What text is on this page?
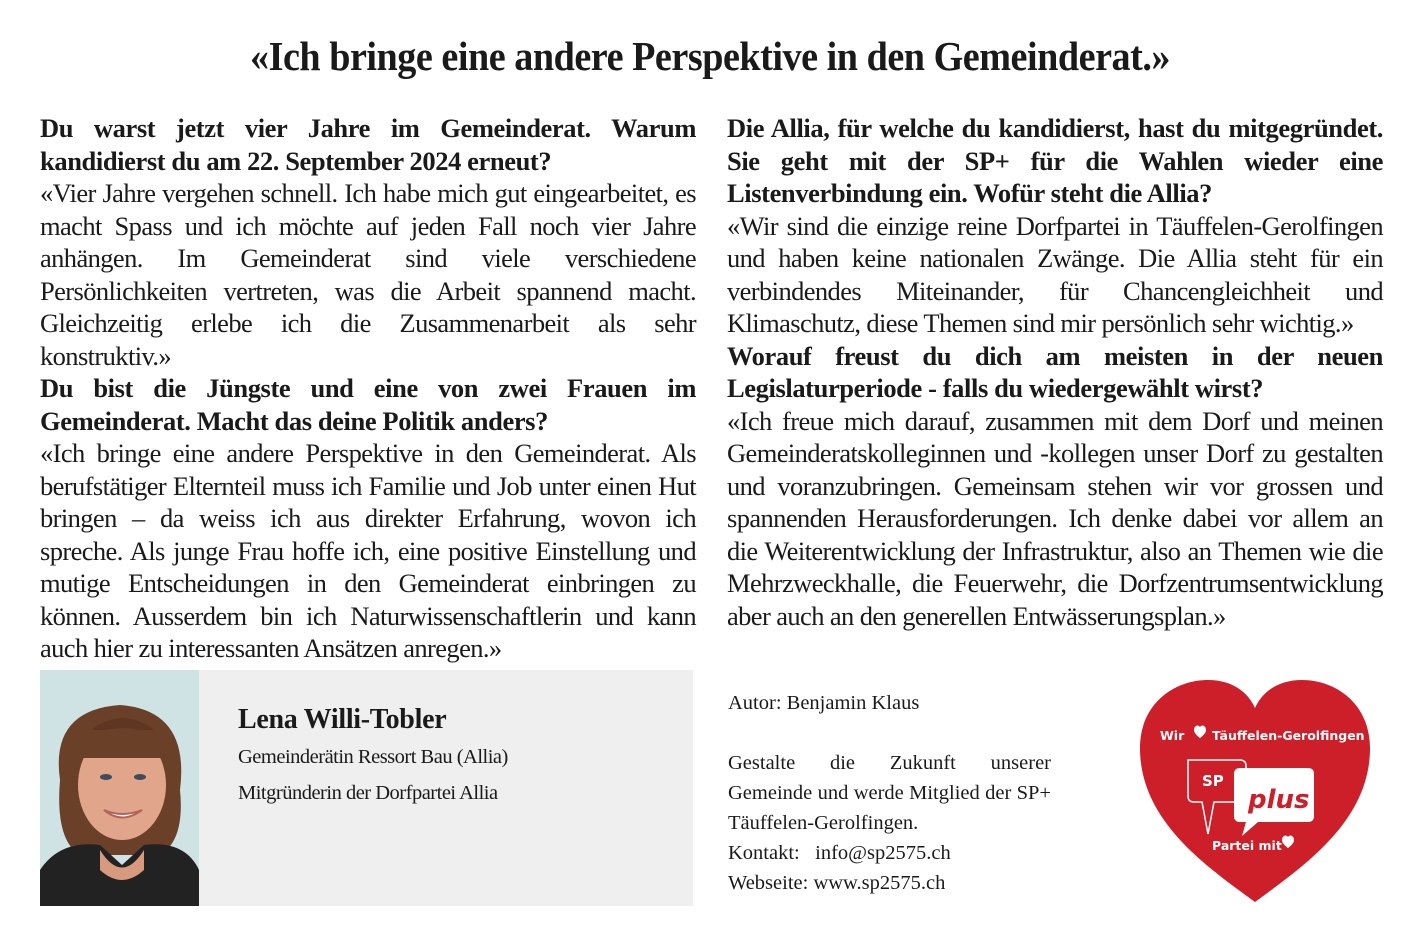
«Ich bringe eine andere Perspektive in den Gemeinderat.»

Du warst jetzt vier Jahre im Gemeinderat. Warum kandidierst du am 22. September 2024 erneut?

«Vier Jahre vergehen schnell. Ich habe mich gut eingearbeitet, es macht Spass und ich möchte auf jeden Fall noch vier Jahre anhängen. Im Gemeinderat sind viele verschiedene Persönlichkeiten vertreten, was die Arbeit spannend macht. Gleichzeitig erlebe ich die Zusammenarbeit als sehr konstruktiv.»

Du bist die Jüngste und eine von zwei Frauen im Gemeinderat. Macht das deine Politik anders?

«Ich bringe eine andere Perspektive in den Gemeinderat. Als berufstätiger Elternteil muss ich Familie und Job unter einen Hut bringen – da weiss ich aus direkter Erfahrung, wovon ich spreche. Als junge Frau hoffe ich, eine positive Einstellung und mutige Entscheidungen in den Gemeinderat einbringen zu können. Ausserdem bin ich Naturwissenschaftlerin und kann auch hier zu interessanten Ansätzen anregen.»

Die Allia, für welche du kandidierst, hast du mitgegründet. Sie geht mit der SP+ für die Wahlen wieder eine Listenverbindung ein. Wofür steht die Allia?

«Wir sind die einzige reine Dorfpartei in Täuffelen-Gerolfingen und haben keine nationalen Zwänge. Die Allia steht für ein verbindendes Miteinander, für Chancengleichheit und Klimaschutz, diese Themen sind mir persönlich sehr wichtig.»

Worauf freust du dich am meisten in der neuen Legislaturperiode - falls du wiedergewählt wirst?

«Ich freue mich darauf, zusammen mit dem Dorf und meinen Gemeinderatskolleginnen und -kollegen unser Dorf zu gestalten und voranzubringen. Gemeinsam stehen wir vor grossen und spannenden Herausforderungen. Ich denke dabei vor allem an die Weiterentwicklung der Infrastruktur, also an Themen wie die Mehrzweckhalle, die Feuerwehr, die Dorfzentrumsentwicklung aber auch an den generellen Entwässerungsplan.»

Lena Willi-Tobler

Gemeinderätin Ressort Bau (Allia)

Mitgründerin der Dorfpartei Allia

Autor: Benjamin Klaus

Gestalte die Zukunft unserer Gemeinde und werde Mitglied der SP+ Täuffelen-Gerolfingen.

Kontakt: info@sp2575.ch

Webseite: www.sp2575.ch

Wir Täuffelen-Gerolfingen
SP
plus
Partei mit
